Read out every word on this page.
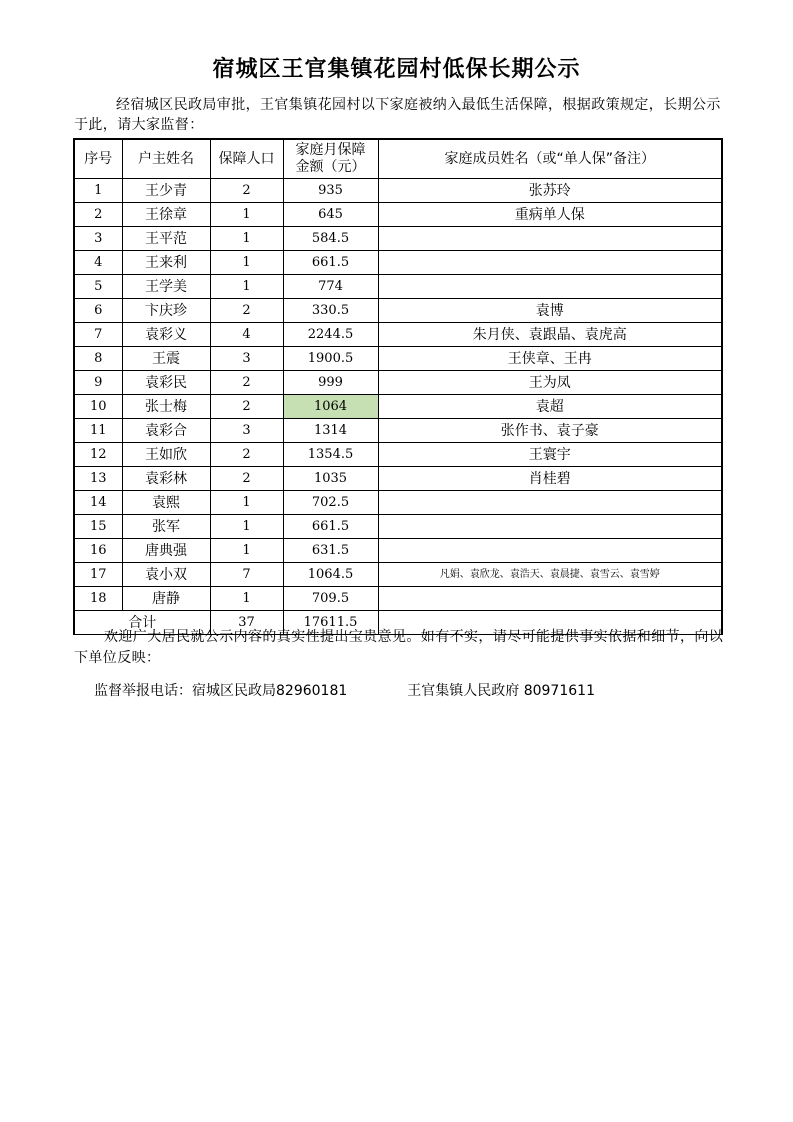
宿城区王官集镇花园村低保长期公示
经宿城区民政局审批，王官集镇花园村以下家庭被纳入最低生活保障，根据政策规定，长期公示于此，请大家监督：
序号	户主姓名	保障人口	家庭月保障
金额（元）	家庭成员姓名（或“单人保”备注）
1	王少青	2	935	张苏玲
2	王徐章	1	645	重病单人保
3	王平范	1	584.5	
4	王来利	1	661.5	
5	王学美	1	774	
6	卞庆珍	2	330.5	袁博
7	袁彩义	4	2244.5	朱月侠、袁跟晶、袁虎高
8	王震	3	1900.5	王侠章、王冉
9	袁彩民	2	999	王为凤
10	张士梅	2	1064	袁超
11	袁彩合	3	1314	张作书、袁子豪
12	王如欣	2	1354.5	王寰宇
13	袁彩林	2	1035	肖桂碧
14	袁熙	1	702.5	
15	张军	1	661.5	
16	唐典强	1	631.5	
17	袁小双	7	1064.5	凡娟、袁欣龙、袁浩天、袁晨捷、袁雪云、袁雪婷
18	唐静	1	709.5	
合计		37	17611.5	
欢迎广大居民就公示内容的真实性提出宝贵意见。如有不实，请尽可能提供事实依据和细节，向以下单位反映：
监督举报电话：宿城区民政局82960181	王官集镇人民政府 80971611
